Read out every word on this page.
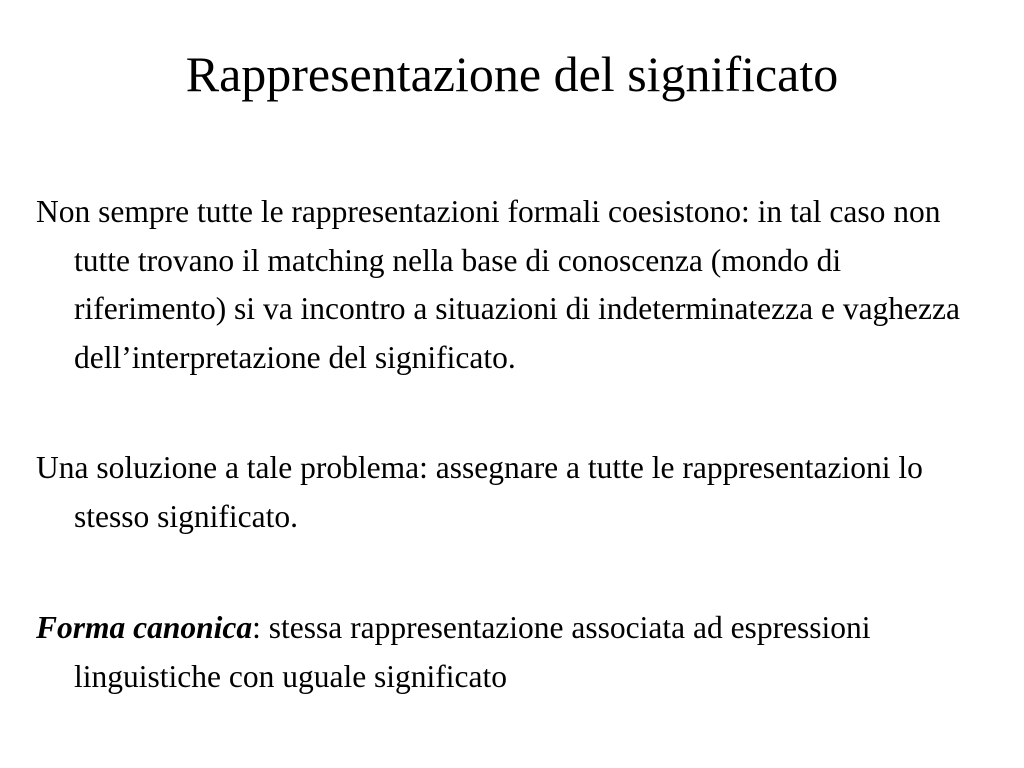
Rappresentazione del significato

Non sempre tutte le rappresentazioni formali coesistono: in tal caso non tutte trovano il matching nella base di conoscenza (mondo di riferimento) si va incontro a situazioni di indeterminatezza e vaghezza dell’interpretazione del significato.

Una soluzione a tale problema: assegnare a tutte le rappresentazioni lo stesso significato.

Forma canonica: stessa rappresentazione associata ad espressioni linguistiche con uguale significato
